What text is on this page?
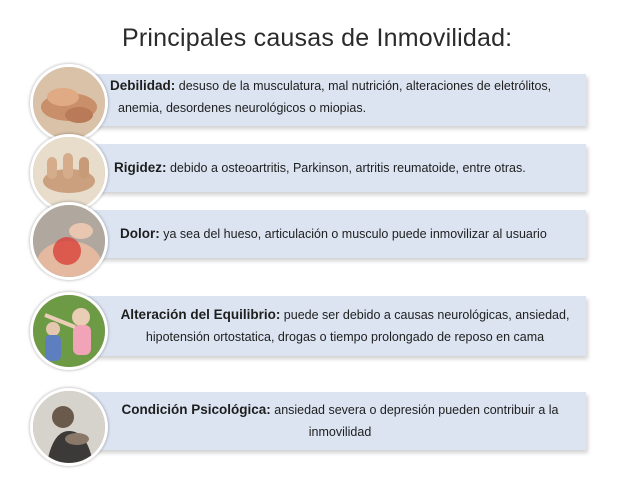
Principales causas de Inmovilidad:
Debilidad: desuso de la musculatura, mal nutrición, alteraciones de eletrólitos,
anemia, desordenes neurológicos o miopias.
Rigidez: debido a osteoartritis, Parkinson, artritis reumatoide, entre otras.
Dolor: ya sea del hueso, articulación o musculo puede inmovilizar al usuario
Alteración del Equilibrio: puede ser debido a causas neurológicas, ansiedad,
hipotensión ortostatica, drogas o tiempo prolongado de reposo en cama
Condición Psicológica: ansiedad severa o depresión pueden contribuir a la
inmovilidad
